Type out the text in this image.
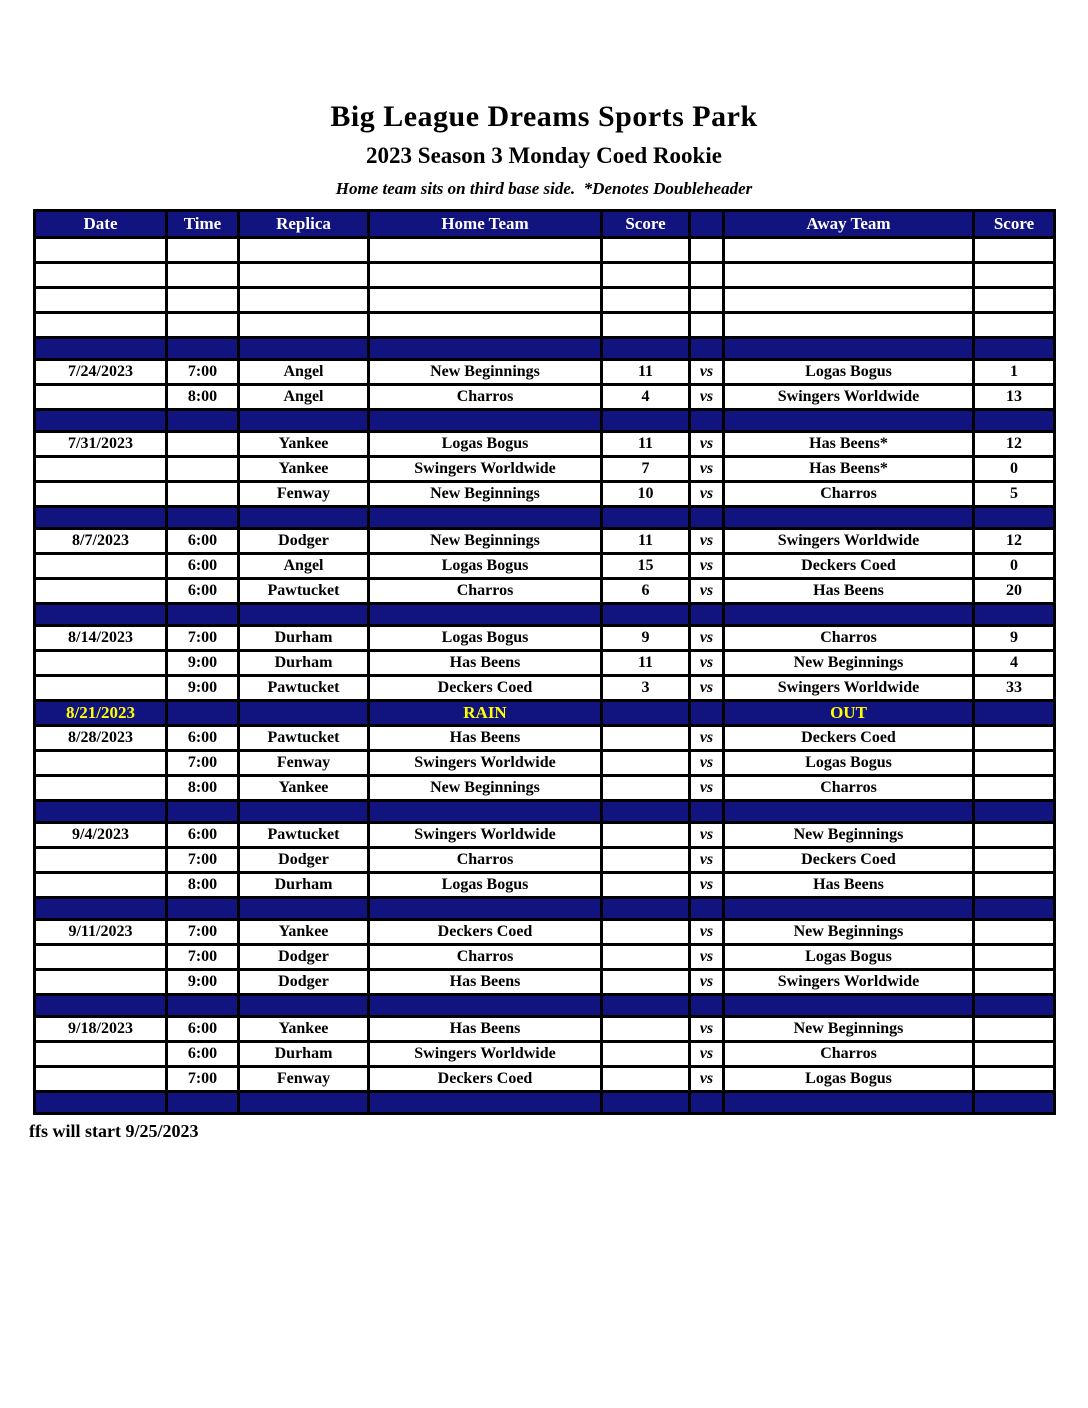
Big League Dreams Sports Park
2023 Season 3 Monday Coed Rookie
Home team sits on third base side.  *Denotes Doubleheader
Date	Time	Replica	Home Team	Score		Away Team	Score

7/24/2023	7:00	Angel	New Beginnings	11	vs	Logas Bogus	1
	8:00	Angel	Charros	4	vs	Swingers Worldwide	13

7/31/2023		Yankee	Logas Bogus	11	vs	Has Beens*	12
		Yankee	Swingers Worldwide	7	vs	Has Beens*	0
		Fenway	New Beginnings	10	vs	Charros	5

8/7/2023	6:00	Dodger	New Beginnings	11	vs	Swingers Worldwide	12
	6:00	Angel	Logas Bogus	15	vs	Deckers Coed	0
	6:00	Pawtucket	Charros	6	vs	Has Beens	20

8/14/2023	7:00	Durham	Logas Bogus	9	vs	Charros	9
	9:00	Durham	Has Beens	11	vs	New Beginnings	4
	9:00	Pawtucket	Deckers Coed	3	vs	Swingers Worldwide	33
8/21/2023			RAIN			OUT	
8/28/2023	6:00	Pawtucket	Has Beens		vs	Deckers Coed	
	7:00	Fenway	Swingers Worldwide		vs	Logas Bogus	
	8:00	Yankee	New Beginnings		vs	Charros	

9/4/2023	6:00	Pawtucket	Swingers Worldwide		vs	New Beginnings	
	7:00	Dodger	Charros		vs	Deckers Coed	
	8:00	Durham	Logas Bogus		vs	Has Beens	

9/11/2023	7:00	Yankee	Deckers Coed		vs	New Beginnings	
	7:00	Dodger	Charros		vs	Logas Bogus	
	9:00	Dodger	Has Beens		vs	Swingers Worldwide	

9/18/2023	6:00	Yankee	Has Beens		vs	New Beginnings	
	6:00	Durham	Swingers Worldwide		vs	Charros	
	7:00	Fenway	Deckers Coed		vs	Logas Bogus	

ffs will start 9/25/2023
